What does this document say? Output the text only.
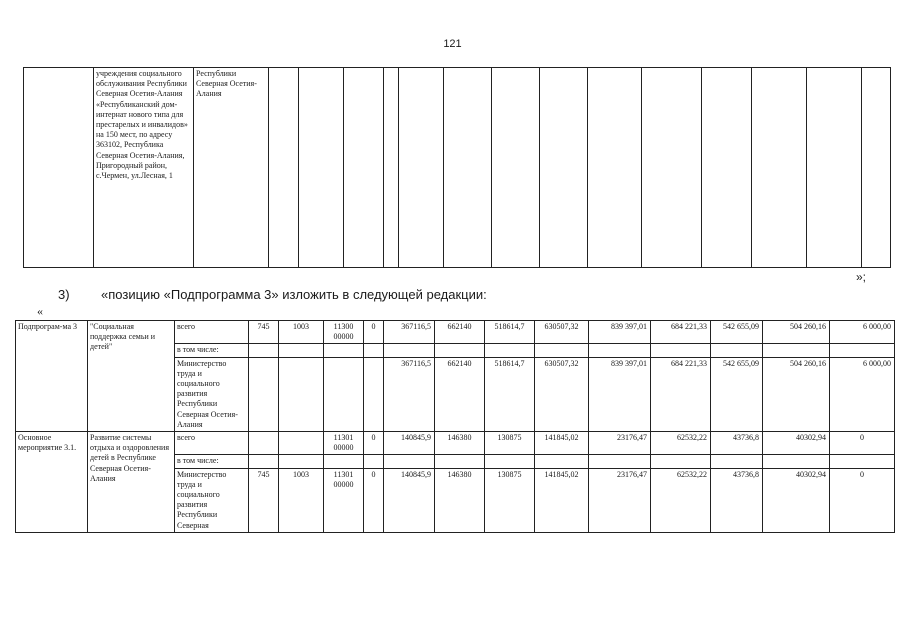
121
	учреждения социального обслуживания Республики Северная Осетия-Алания «Республиканский дом-интернат нового типа для престарелых и инвалидов» на 150 мест, по адресу 363102, Республика Северная Осетия-Алания, Пригородный район, с.Чермен, ул.Лесная, 1	Республики Северная Осетия-Алания														
»;
3) «позицию «Подпрограмма 3» изложить в следующей редакции:
«
Подпрограм-ма 3	"Социальная поддержка семьи и детей"	всего	745	1003	11300 00000	0	367116,5	662140	518614,7	630507,32	839 397,01	684 221,33	542 655,09	504 260,16	6 000,00
		в том числе:													
		Министерство труда и социального развития Республики Северная Осетия-Алания					367116,5	662140	518614,7	630507,32	839 397,01	684 221,33	542 655,09	504 260,16	6 000,00
Основное мероприятие 3.1.	Развитие системы отдыха и оздоровления детей в Республике Северная Осетия-Алания	всего			11301 00000	0	140845,9	146380	130875	141845,02	23176,47	62532,22	43736,8	40302,94	0
		в том числе:													
		Министерство труда и социального развития Республики Северная	745	1003	11301 00000	0	140845,9	146380	130875	141845,02	23176,47	62532,22	43736,8	40302,94	0
